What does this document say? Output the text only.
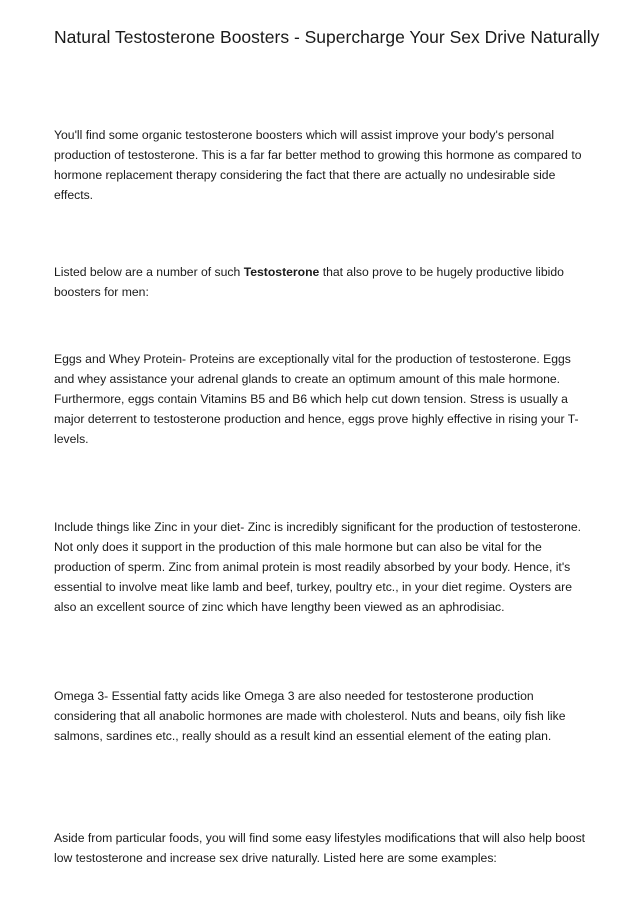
Natural Testosterone Boosters - Supercharge Your Sex Drive Naturally

You'll find some organic testosterone boosters which will assist improve your body's personal production of testosterone. This is a far far better method to growing this hormone as compared to hormone replacement therapy considering the fact that there are actually no undesirable side effects.

Listed below are a number of such Testosterone that also prove to be hugely productive libido boosters for men:

Eggs and Whey Protein- Proteins are exceptionally vital for the production of testosterone. Eggs and whey assistance your adrenal glands to create an optimum amount of this male hormone. Furthermore, eggs contain Vitamins B5 and B6 which help cut down tension. Stress is usually a major deterrent to testosterone production and hence, eggs prove highly effective in rising your T-levels.

Include things like Zinc in your diet- Zinc is incredibly significant for the production of testosterone. Not only does it support in the production of this male hormone but can also be vital for the production of sperm. Zinc from animal protein is most readily absorbed by your body. Hence, it's essential to involve meat like lamb and beef, turkey, poultry etc., in your diet regime. Oysters are also an excellent source of zinc which have lengthy been viewed as an aphrodisiac.

Omega 3- Essential fatty acids like Omega 3 are also needed for testosterone production considering that all anabolic hormones are made with cholesterol. Nuts and beans, oily fish like salmons, sardines etc., really should as a result kind an essential element of the eating plan.

Aside from particular foods, you will find some easy lifestyles modifications that will also help boost low testosterone and increase sex drive naturally. Listed here are some examples:
